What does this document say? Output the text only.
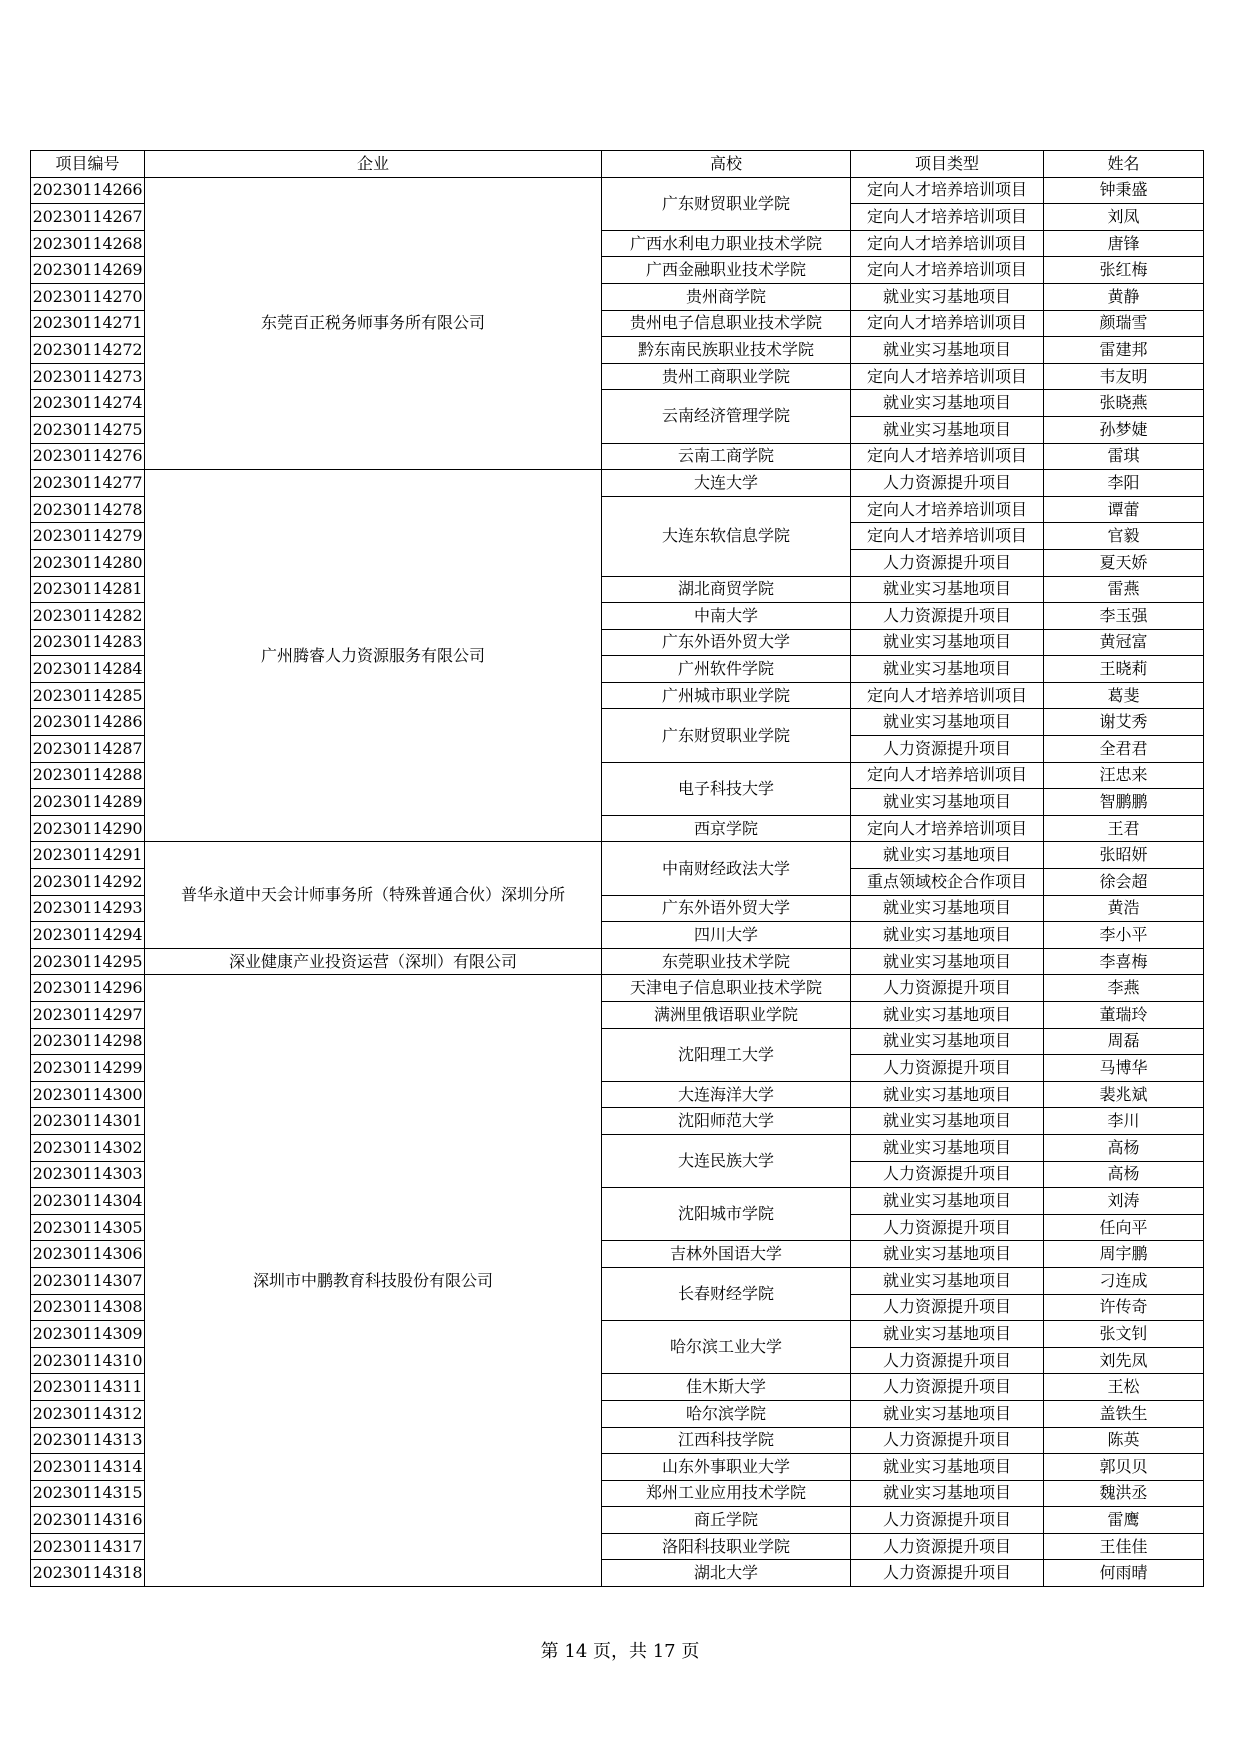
项目编号	企业	高校	项目类型	姓名
20230114266	东莞百正税务师事务所有限公司	广东财贸职业学院	定向人才培养培训项目	钟秉盛
20230114267			定向人才培养培训项目	刘凤
20230114268		广西水利电力职业技术学院	定向人才培养培训项目	唐锋
20230114269		广西金融职业技术学院	定向人才培养培训项目	张红梅
20230114270		贵州商学院	就业实习基地项目	黄静
20230114271		贵州电子信息职业技术学院	定向人才培养培训项目	颜瑞雪
20230114272		黔东南民族职业技术学院	就业实习基地项目	雷建邦
20230114273		贵州工商职业学院	定向人才培养培训项目	韦友明
20230114274		云南经济管理学院	就业实习基地项目	张晓燕
20230114275			就业实习基地项目	孙梦婕
20230114276		云南工商学院	定向人才培养培训项目	雷琪
20230114277	广州腾睿人力资源服务有限公司	大连大学	人力资源提升项目	李阳
20230114278		大连东软信息学院	定向人才培养培训项目	谭蕾
20230114279			定向人才培养培训项目	官毅
20230114280			人力资源提升项目	夏天娇
20230114281		湖北商贸学院	就业实习基地项目	雷燕
20230114282		中南大学	人力资源提升项目	李玉强
20230114283		广东外语外贸大学	就业实习基地项目	黄冠富
20230114284		广州软件学院	就业实习基地项目	王晓莉
20230114285		广州城市职业学院	定向人才培养培训项目	葛斐
20230114286		广东财贸职业学院	就业实习基地项目	谢艾秀
20230114287			人力资源提升项目	全君君
20230114288		电子科技大学	定向人才培养培训项目	汪忠来
20230114289			就业实习基地项目	智鹏鹏
20230114290		西京学院	定向人才培养培训项目	王君
20230114291	普华永道中天会计师事务所（特殊普通合伙）深圳分所	中南财经政法大学	就业实习基地项目	张昭妍
20230114292			重点领域校企合作项目	徐会超
20230114293		广东外语外贸大学	就业实习基地项目	黄浩
20230114294		四川大学	就业实习基地项目	李小平
20230114295	深业健康产业投资运营（深圳）有限公司	东莞职业技术学院	就业实习基地项目	李喜梅
20230114296	深圳市中鹏教育科技股份有限公司	天津电子信息职业技术学院	人力资源提升项目	李燕
20230114297		满洲里俄语职业学院	就业实习基地项目	董瑞玲
20230114298		沈阳理工大学	就业实习基地项目	周磊
20230114299			人力资源提升项目	马博华
20230114300		大连海洋大学	就业实习基地项目	裴兆斌
20230114301		沈阳师范大学	就业实习基地项目	李川
20230114302		大连民族大学	就业实习基地项目	高杨
20230114303			人力资源提升项目	高杨
20230114304		沈阳城市学院	就业实习基地项目	刘涛
20230114305			人力资源提升项目	任向平
20230114306		吉林外国语大学	就业实习基地项目	周宇鹏
20230114307		长春财经学院	就业实习基地项目	刁连成
20230114308			人力资源提升项目	许传奇
20230114309		哈尔滨工业大学	就业实习基地项目	张文钊
20230114310			人力资源提升项目	刘先凤
20230114311		佳木斯大学	人力资源提升项目	王松
20230114312		哈尔滨学院	就业实习基地项目	盖铁生
20230114313		江西科技学院	人力资源提升项目	陈英
20230114314		山东外事职业大学	就业实习基地项目	郭贝贝
20230114315		郑州工业应用技术学院	就业实习基地项目	魏洪丞
20230114316		商丘学院	人力资源提升项目	雷鹰
20230114317		洛阳科技职业学院	人力资源提升项目	王佳佳
20230114318		湖北大学	人力资源提升项目	何雨晴
第 14 页，共 17 页
